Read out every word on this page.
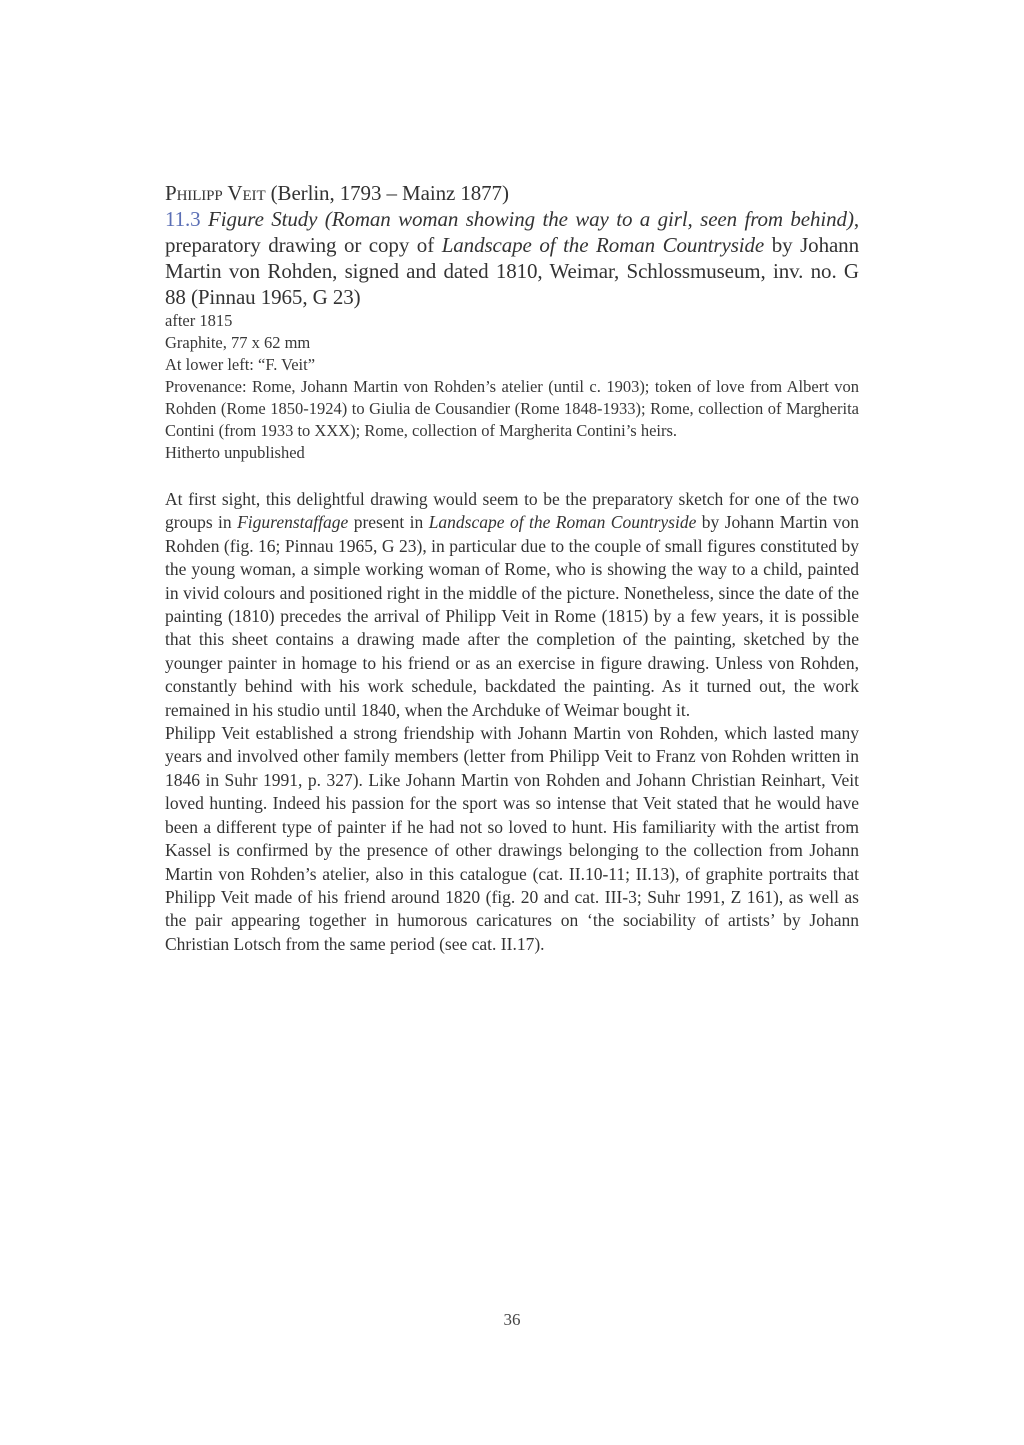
Philipp Veit (Berlin, 1793 – Mainz 1877)
11.3 Figure Study (Roman woman showing the way to a girl, seen from behind), preparatory drawing or copy of Landscape of the Roman Countryside by Johann Martin von Rohden, signed and dated 1810, Weimar, Schlossmuseum, inv. no. G 88 (Pinnau 1965, G 23)
after 1815
Graphite, 77 x 62 mm
At lower left: “F. Veit”
Provenance: Rome, Johann Martin von Rohden’s atelier (until c. 1903); token of love from Albert von Rohden (Rome 1850-1924) to Giulia de Cousandier (Rome 1848-1933); Rome, collection of Margherita Contini (from 1933 to XXX); Rome, collection of Margherita Contini’s heirs.
Hitherto unpublished

At first sight, this delightful drawing would seem to be the preparatory sketch for one of the two groups in Figurenstaffage present in Landscape of the Roman Countryside by Johann Martin von Rohden (fig. 16; Pinnau 1965, G 23), in particular due to the couple of small figures constituted by the young woman, a simple working woman of Rome, who is showing the way to a child, painted in vivid colours and positioned right in the middle of the picture. Nonetheless, since the date of the painting (1810) precedes the arrival of Philipp Veit in Rome (1815) by a few years, it is possible that this sheet contains a drawing made after the completion of the painting, sketched by the younger painter in homage to his friend or as an exercise in figure drawing. Unless von Rohden, constantly behind with his work schedule, backdated the painting. As it turned out, the work remained in his studio until 1840, when the Archduke of Weimar bought it.

Philipp Veit established a strong friendship with Johann Martin von Rohden, which lasted many years and involved other family members (letter from Philipp Veit to Franz von Rohden written in 1846 in Suhr 1991, p. 327). Like Johann Martin von Rohden and Johann Christian Reinhart, Veit loved hunting. Indeed his passion for the sport was so intense that Veit stated that he would have been a different type of painter if he had not so loved to hunt. His familiarity with the artist from Kassel is confirmed by the presence of other drawings belonging to the collection from Johann Martin von Rohden’s atelier, also in this catalogue (cat. II.10-11; II.13), of graphite portraits that Philipp Veit made of his friend around 1820 (fig. 20 and cat. III-3; Suhr 1991, Z 161), as well as the pair appearing together in humorous caricatures on ‘the sociability of artists’ by Johann Christian Lotsch from the same period (see cat. II.17).

36
